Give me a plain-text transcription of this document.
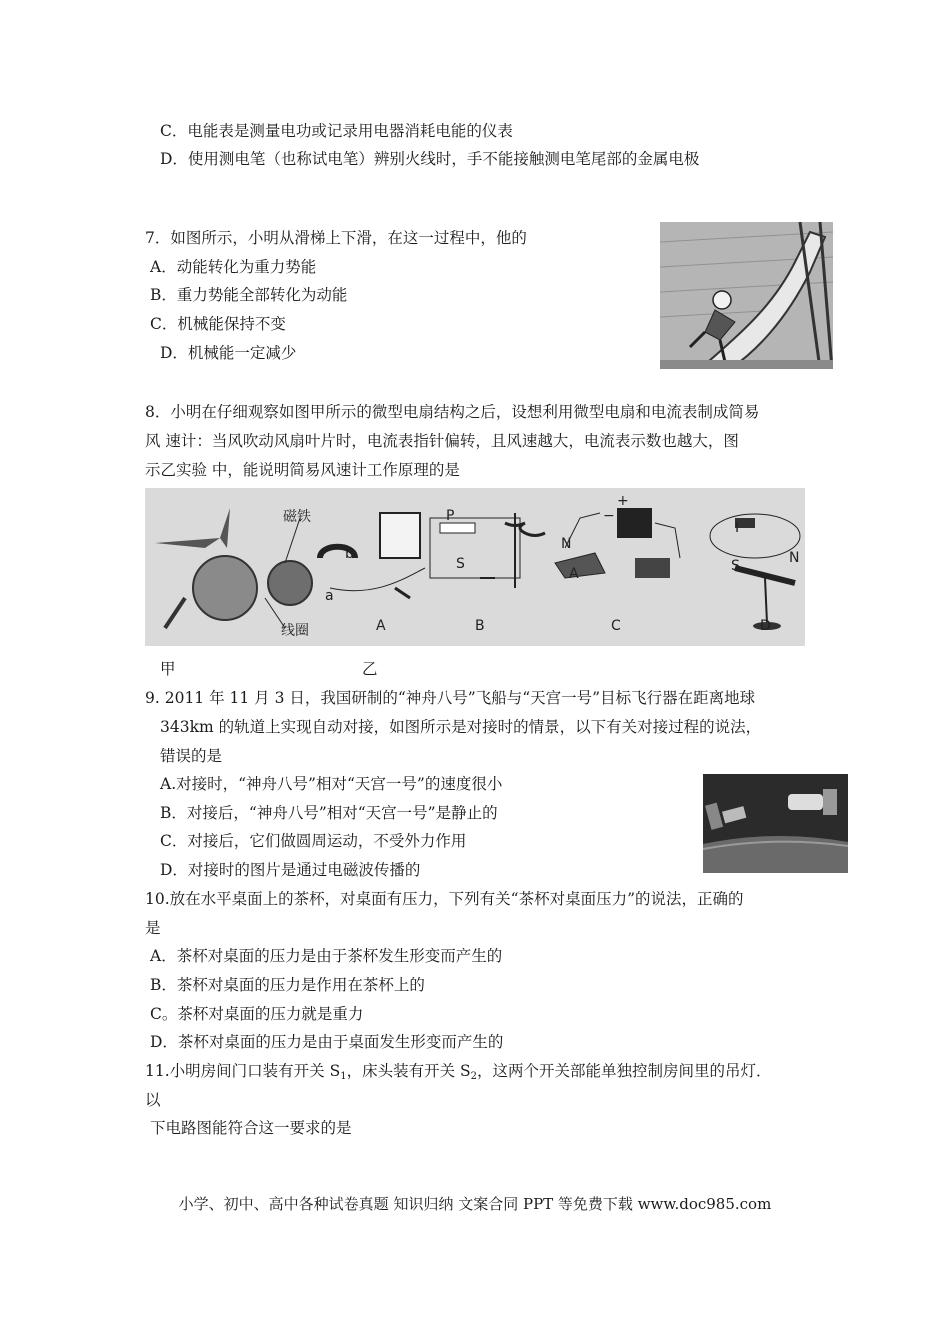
C．电能表是测量电功或记录用电器消耗电能的仪表
D．使用测电笔（也称试电笔）辨别火线时，手不能接触测电笔尾部的金属电极
7．如图所示，小明从滑梯上下滑，在这一过程中，他的
A．动能转化为重力势能
B．重力势能全部转化为动能
C．机械能保持不变
D．机械能一定减少
8．小明在仔细观察如图甲所示的微型电扇结构之后，设想利用微型电扇和电流表制成简易
风 速计：当风吹动风扇叶片时，电流表指针偏转，且风速越大，电流表示数也越大，图
示乙实验 中，能说明简易风速计工作原理的是
磁铁
线圈
a
b
A
P
S
B
−
+
N
A
C
I
S	N
D
甲	乙
9. 2011 年 11 月 3 日，我国研制的“神舟八号”飞船与“天宫一号”目标飞行器在距离地球
343km 的轨道上实现自动对接，如图所示是对接时的情景，以下有关对接过程的说法，
错误的是
A.对接时，“神舟八号”相对“天宫一号”的速度很小
B．对接后，“神舟八号”相对“天宫一号”是静止的
C．对接后，它们做圆周运动，不受外力作用
D．对接时的图片是通过电磁波传播的
10.放在水平桌面上的茶杯，对桌面有压力，下列有关“茶杯对桌面压力”的说法，正确的
是
A．茶杯对桌面的压力是由于茶杯发生形变而产生的
B．茶杯对桌面的压力是作用在茶杯上的
C。茶杯对桌面的压力就是重力
D．茶杯对桌面的压力是由于桌面发生形变而产生的
11.小明房间门口装有开关 $S_1$，床头装有开关 $S_2$，这两个开关部能单独控制房间里的吊灯．
以
下电路图能符合这一要求的是
小学、初中、高中各种试卷真题 知识归纳 文案合同 PPT 等免费下载 www.doc985.com
